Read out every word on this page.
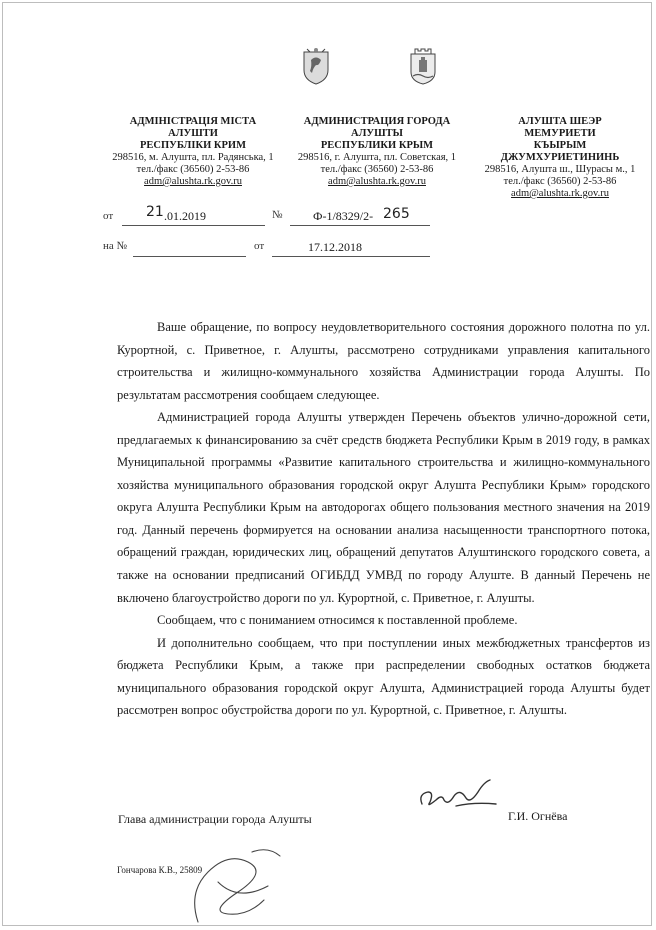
АДМІНІСТРАЦІЯ МІСТА
АЛУШТИ
РЕСПУБЛІКИ КРИМ
298516, м. Алушта, пл. Радянська, 1
тел./факс (36560) 2-53-86
adm@alushta.rk.gov.ru
АДМИНИСТРАЦИЯ ГОРОДА
АЛУШТЫ
РЕСПУБЛИКИ КРЫМ
298516, г. Алушта, пл. Советская, 1
тел./факс (36560) 2-53-86
adm@alushta.rk.gov.ru
АЛУШТА ШЕЭР
МЕМУРИЕТИ
КЪЫРЫМ ДЖУМХУРИЕТИНИНЬ
298516, Алушта ш., Шурасы м., 1
тел./факс (36560) 2-53-86
adm@alushta.rk.gov.ru
от 21 .01.2019	№	Ф-1/8329/2- 265
на №	от	17.12.2018

Ваше обращение, по вопросу неудовлетворительного состояния дорожного полотна по ул. Курортной, с. Приветное, г. Алушты, рассмотрено сотрудниками управления капитального строительства и жилищно-коммунального хозяйства Администрации города Алушты. По результатам рассмотрения сообщаем следующее.

Администрацией города Алушты утвержден Перечень объектов улично-дорожной сети, предлагаемых к финансированию за счёт средств бюджета Республики Крым в 2019 году, в рамках Муниципальной программы «Развитие капитального строительства и жилищно-коммунального хозяйства муниципального образования городской округ Алушта Республики Крым» городского округа Алушта Республики Крым на автодорогах общего пользования местного значения на 2019 год. Данный перечень формируется на основании анализа насыщенности транспортного потока, обращений граждан, юридических лиц, обращений депутатов Алуштинского городского совета, а также на основании предписаний ОГИБДД УМВД по городу Алуште. В данный Перечень не включено благоустройство дороги по ул. Курортной, с. Приветное, г. Алушты.

Сообщаем, что с пониманием относимся к поставленной проблеме.

И дополнительно сообщаем, что при поступлении иных межбюджетных трансфертов из бюджета Республики Крым, а также при распределении свободных остатков бюджета муниципального образования городской округ Алушта, Администрацией города Алушты будет рассмотрен вопрос обустройства дороги по ул. Курортной, с. Приветное, г. Алушты.

Глава администрации города Алушты	Г.И. Огнёва
Гончарова К.В., 25809
